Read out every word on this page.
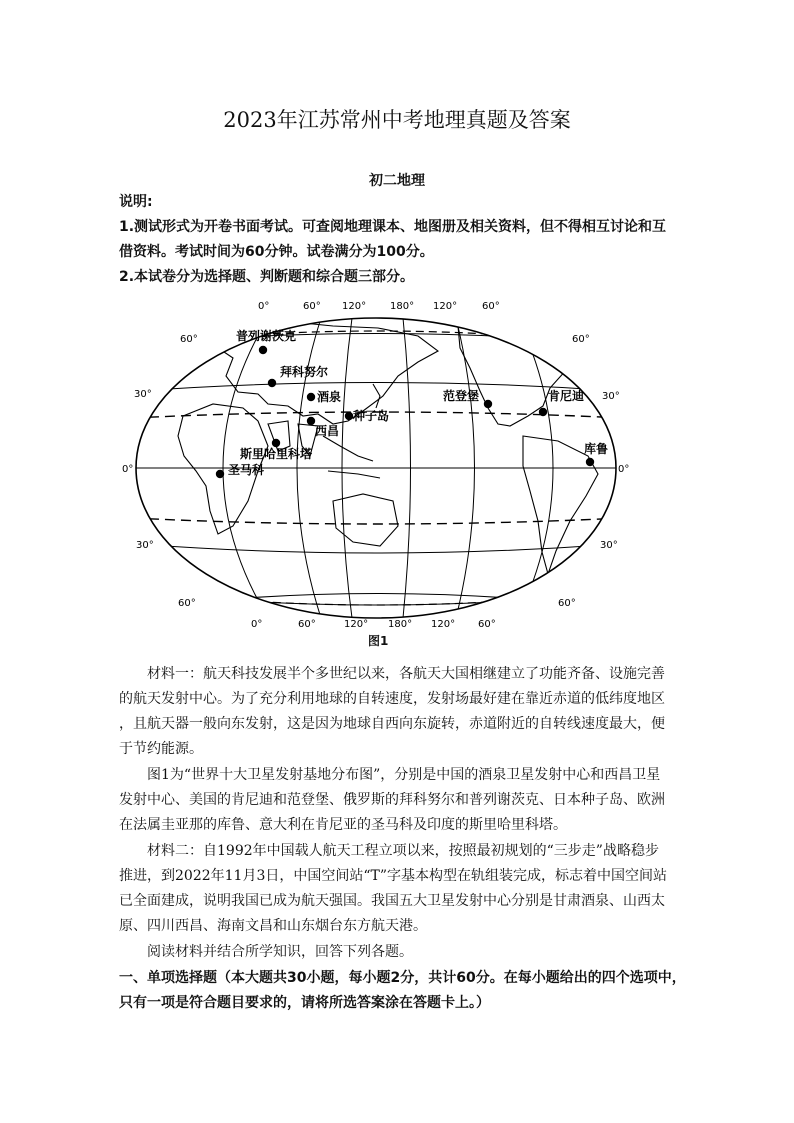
2023年江苏常州中考地理真题及答案
初二地理
说明:
1.测试形式为开卷书面考试。可查阅地理课本、地图册及相关资料，但不得相互讨论和互
借资料。考试时间为60分钟。试卷满分为100分。
2.本试卷分为选择题、判断题和综合题三部分。
0°	60° 120° 180° 120° 60°
0°	60°	120° 180° 120° 60°
60°
30°
0°
30°
60°
60°
30°
0°
30°
60°
普列谢茨克
拜科努尔
酒泉
种子岛
西昌
斯里哈里科塔
圣马科
范登堡	肯尼迪
库鲁
图1
材料一：航天科技发展半个多世纪以来，各航天大国相继建立了功能齐备、设施完善
的航天发射中心。为了充分利用地球的自转速度，发射场最好建在靠近赤道的低纬度地区
，且航天器一般向东发射，这是因为地球自西向东旋转，赤道附近的自转线速度最大，便
于节约能源。
图1为“世界十大卫星发射基地分布图”，分别是中国的酒泉卫星发射中心和西昌卫星
发射中心、美国的肯尼迪和范登堡、俄罗斯的拜科努尔和普列谢茨克、日本种子岛、欧洲
在法属圭亚那的库鲁、意大利在肯尼亚的圣马科及印度的斯里哈里科塔。
材料二：自1992年中国载人航天工程立项以来，按照最初规划的“三步走”战略稳步
推进，到2022年11月3日，中国空间站“T”字基本构型在轨组装完成，标志着中国空间站
已全面建成，说明我国已成为航天强国。我国五大卫星发射中心分别是甘肃酒泉、山西太
原、四川西昌、海南文昌和山东烟台东方航天港。
阅读材料并结合所学知识，回答下列各题。
一、单项选择题（本大题共30小题，每小题2分，共计60分。在每小题给出的四个选项中，
只有一项是符合题目要求的，请将所选答案涂在答题卡上。）
